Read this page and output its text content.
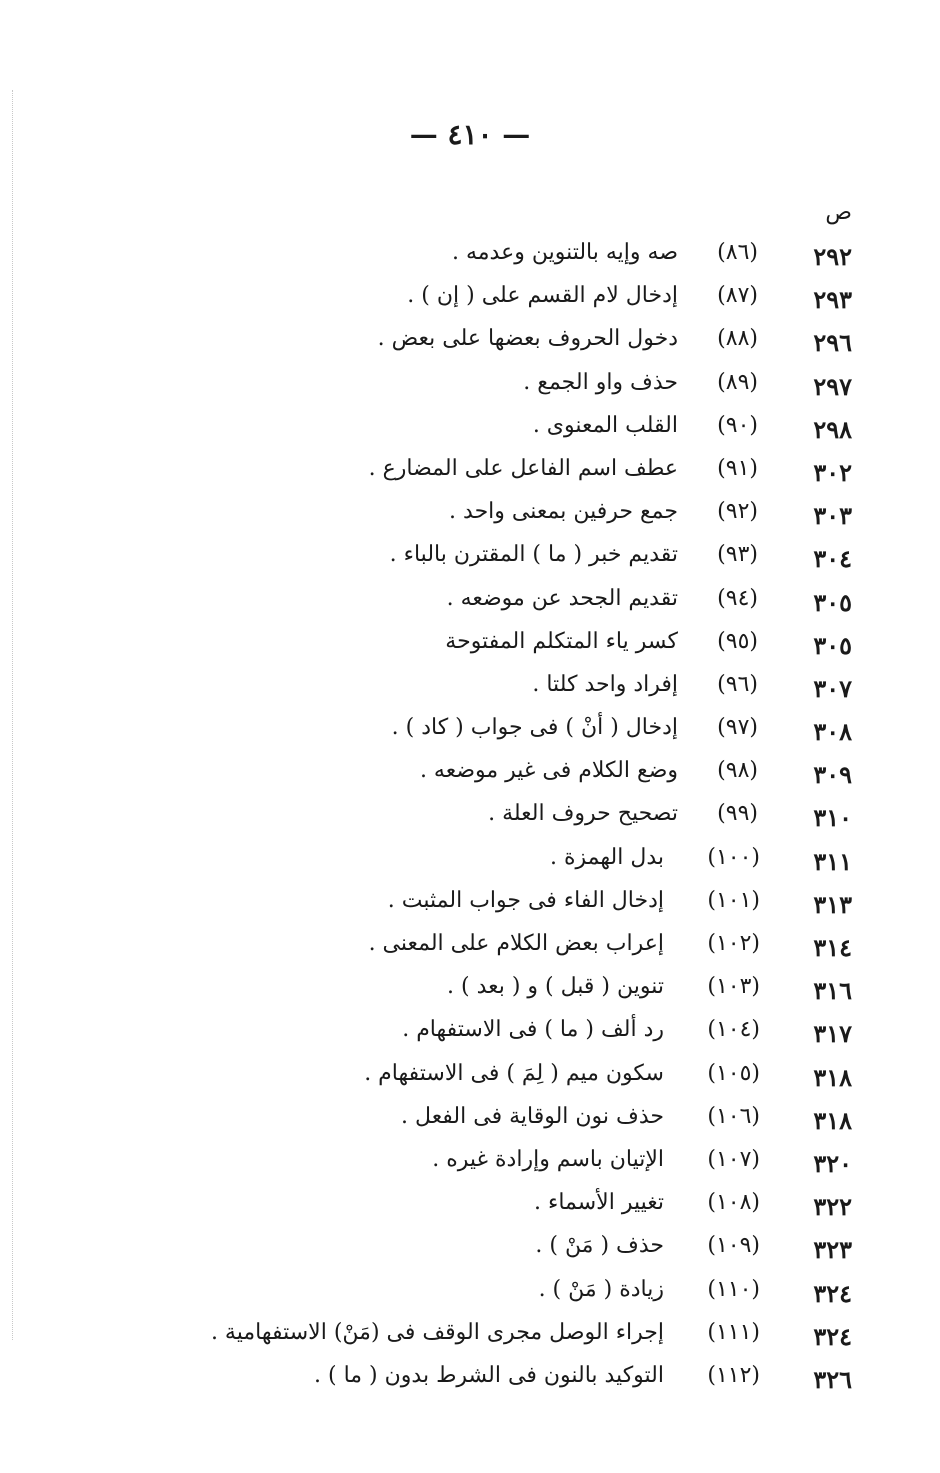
— ٤١٠ —
ص
٢٩٢
(٨٦)
صه وإيه بالتنوين وعدمه .
٢٩٣
(٨٧)
إدخال لام القسم على ( إن ) .
٢٩٦
(٨٨)
دخول الحروف بعضها على بعض .
٢٩٧
(٨٩)
حذف واو الجمع .
٢٩٨
(٩٠)
القلب المعنوى .
٣٠٢
(٩١)
عطف اسم الفاعل على المضارع .
٣٠٣
(٩٢)
جمع حرفين بمعنى واحد .
٣٠٤
(٩٣)
تقديم خبر ( ما ) المقترن بالباء .
٣٠٥
(٩٤)
تقديم الجحد عن موضعه .
٣٠٥
(٩٥)
كسر ياء المتكلم المفتوحة
٣٠٧
(٩٦)
إفراد واحد كلتا .
٣٠٨
(٩٧)
إدخال ( أنْ ) فى جواب ( كاد ) .
٣٠٩
(٩٨)
وضع الكلام فى غير موضعه .
٣١٠
(٩٩)
تصحيح حروف العلة .
٣١١
(١٠٠)
بدل الهمزة .
٣١٣
(١٠١)
إدخال الفاء فى جواب المثبت .
٣١٤
(١٠٢)
إعراب بعض الكلام على المعنى .
٣١٦
(١٠٣)
تنوين ( قبل ) و ( بعد ) .
٣١٧
(١٠٤)
رد ألف ( ما ) فى الاستفهام .
٣١٨
(١٠٥)
سكون ميم ( لِمَ ) فى الاستفهام .
٣١٨
(١٠٦)
حذف نون الوقاية فى الفعل .
٣٢٠
(١٠٧)
الإتيان باسم وإرادة غيره .
٣٢٢
(١٠٨)
تغيير الأسماء .
٣٢٣
(١٠٩)
حذف ( مَنْ ) .
٣٢٤
(١١٠)
زيادة ( مَنْ ) .
٣٢٤
(١١١)
إجراء الوصل مجرى الوقف فى (مَنْ) الاستفهامية .
٣٢٦
(١١٢)
التوكيد بالنون فى الشرط بدون ( ما ) .
